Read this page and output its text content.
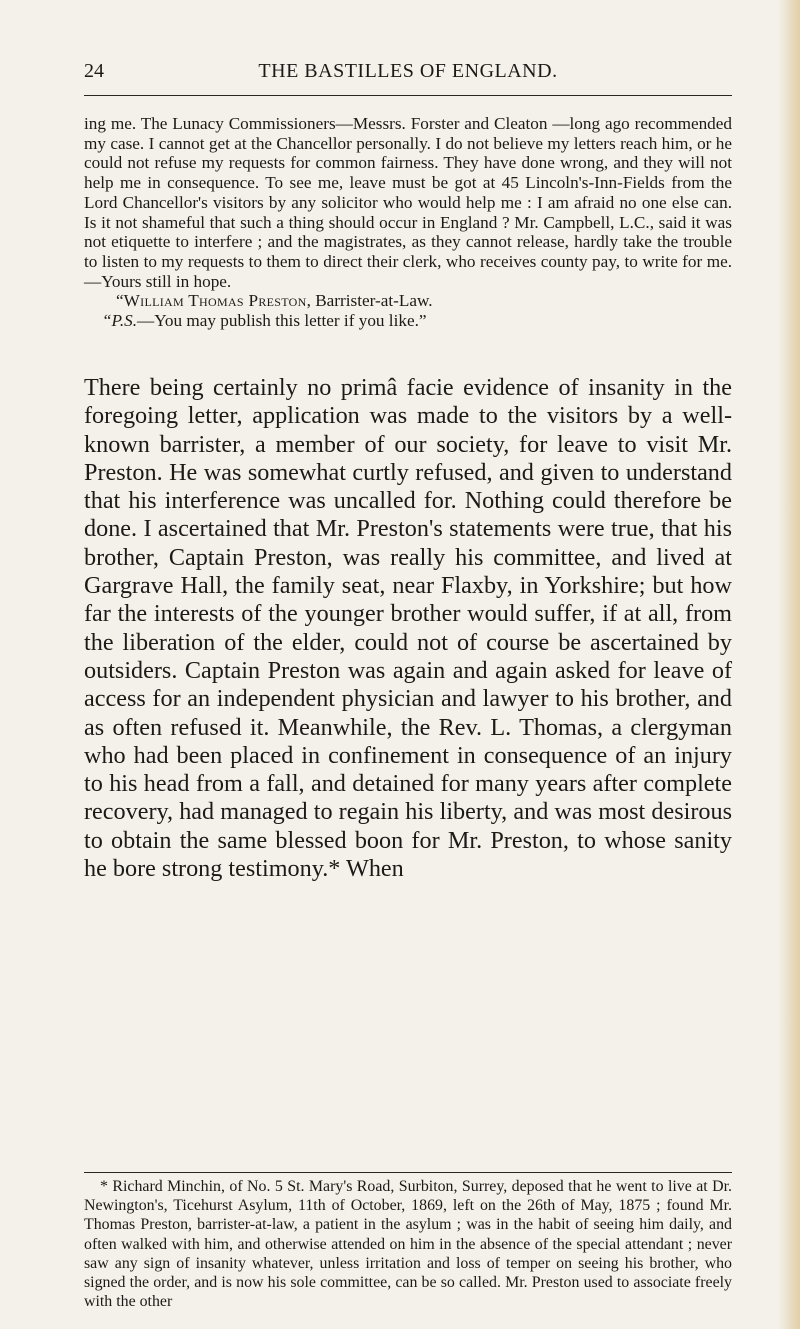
24	THE BASTILLES OF ENGLAND.

ing me. The Lunacy Commissioners—Messrs. Forster and Cleaton —long ago recommended my case. I cannot get at the Chancellor personally. I do not believe my letters reach him, or he could not refuse my requests for common fairness. They have done wrong, and they will not help me in consequence. To see me, leave must be got at 45 Lincoln's-Inn-Fields from the Lord Chancellor's visitors by any solicitor who would help me : I am afraid no one else can. Is it not shameful that such a thing should occur in England ? Mr. Campbell, L.C., said it was not etiquette to interfere ; and the magistrates, as they cannot release, hardly take the trouble to listen to my requests to them to direct their clerk, who receives county pay, to write for me.—Yours still in hope.

“William Thomas Preston, Barrister-at-Law.

“P.S.—You may publish this letter if you like.”

There being certainly no primâ facie evidence of insanity in the foregoing letter, application was made to the visitors by a well-known barrister, a member of our society, for leave to visit Mr. Preston. He was somewhat curtly refused, and given to understand that his interference was uncalled for. Nothing could therefore be done. I ascertained that Mr. Preston's statements were true, that his brother, Captain Preston, was really his committee, and lived at Gargrave Hall, the family seat, near Flaxby, in Yorkshire; but how far the interests of the younger brother would suffer, if at all, from the liberation of the elder, could not of course be ascertained by outsiders. Captain Preston was again and again asked for leave of access for an independent physician and lawyer to his brother, and as often refused it. Meanwhile, the Rev. L. Thomas, a clergyman who had been placed in confinement in consequence of an injury to his head from a fall, and detained for many years after complete recovery, had managed to regain his liberty, and was most desirous to obtain the same blessed boon for Mr. Preston, to whose sanity he bore strong testimony.* When

* Richard Minchin, of No. 5 St. Mary's Road, Surbiton, Surrey, deposed that he went to live at Dr. Newington's, Ticehurst Asylum, 11th of October, 1869, left on the 26th of May, 1875 ; found Mr. Thomas Preston, barrister-at-law, a patient in the asylum ; was in the habit of seeing him daily, and often walked with him, and otherwise attended on him in the absence of the special attendant ; never saw any sign of insanity whatever, unless irritation and loss of temper on seeing his brother, who signed the order, and is now his sole committee, can be so called. Mr. Preston used to associate freely with the other
